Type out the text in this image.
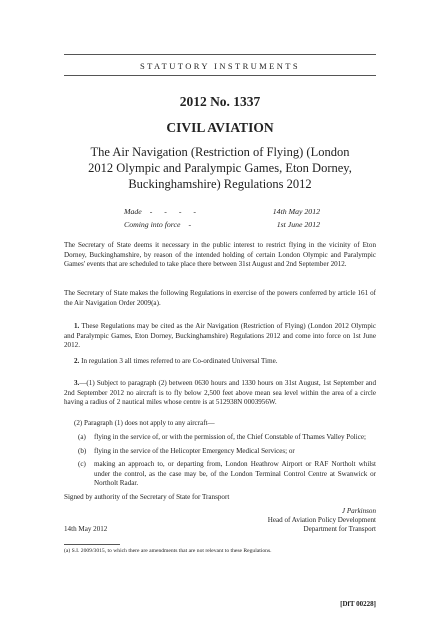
STATUTORY INSTRUMENTS
2012 No. 1337
CIVIL AVIATION
The Air Navigation (Restriction of Flying) (London 2012 Olympic and Paralympic Games, Eton Dorney, Buckinghamshire) Regulations 2012
Made - - - -	14th May 2012
Coming into force -	1st June 2012
The Secretary of State deems it necessary in the public interest to restrict flying in the vicinity of Eton Dorney, Buckinghamshire, by reason of the intended holding of certain London Olympic and Paralympic Games' events that are scheduled to take place there between 31st August and 2nd September 2012.
The Secretary of State makes the following Regulations in exercise of the powers conferred by article 161 of the Air Navigation Order 2009(a).
1. These Regulations may be cited as the Air Navigation (Restriction of Flying) (London 2012 Olympic and Paralympic Games, Eton Dorney, Buckinghamshire) Regulations 2012 and come into force on 1st June 2012.
2. In regulation 3 all times referred to are Co-ordinated Universal Time.
3.—(1) Subject to paragraph (2) between 0630 hours and 1330 hours on 31st August, 1st September and 2nd September 2012 no aircraft is to fly below 2,500 feet above mean sea level within the area of a circle having a radius of 2 nautical miles whose centre is at 512938N 0003956W.
(2) Paragraph (1) does not apply to any aircraft—
(a)	flying in the service of, or with the permission of, the Chief Constable of Thames Valley Police;
(b)	flying in the service of the Helicopter Emergency Medical Services; or
(c)	making an approach to, or departing from, London Heathrow Airport or RAF Northolt whilst under the control, as the case may be, of the London Terminal Control Centre at Swanwick or Northolt Radar.
Signed by authority of the Secretary of State for Transport
J Parkinson
Head of Aviation Policy Development
14th May 2012	Department for Transport
(a) S.I. 2009/3015, to which there are amendments that are not relevant to these Regulations.
[DfT 00228]
